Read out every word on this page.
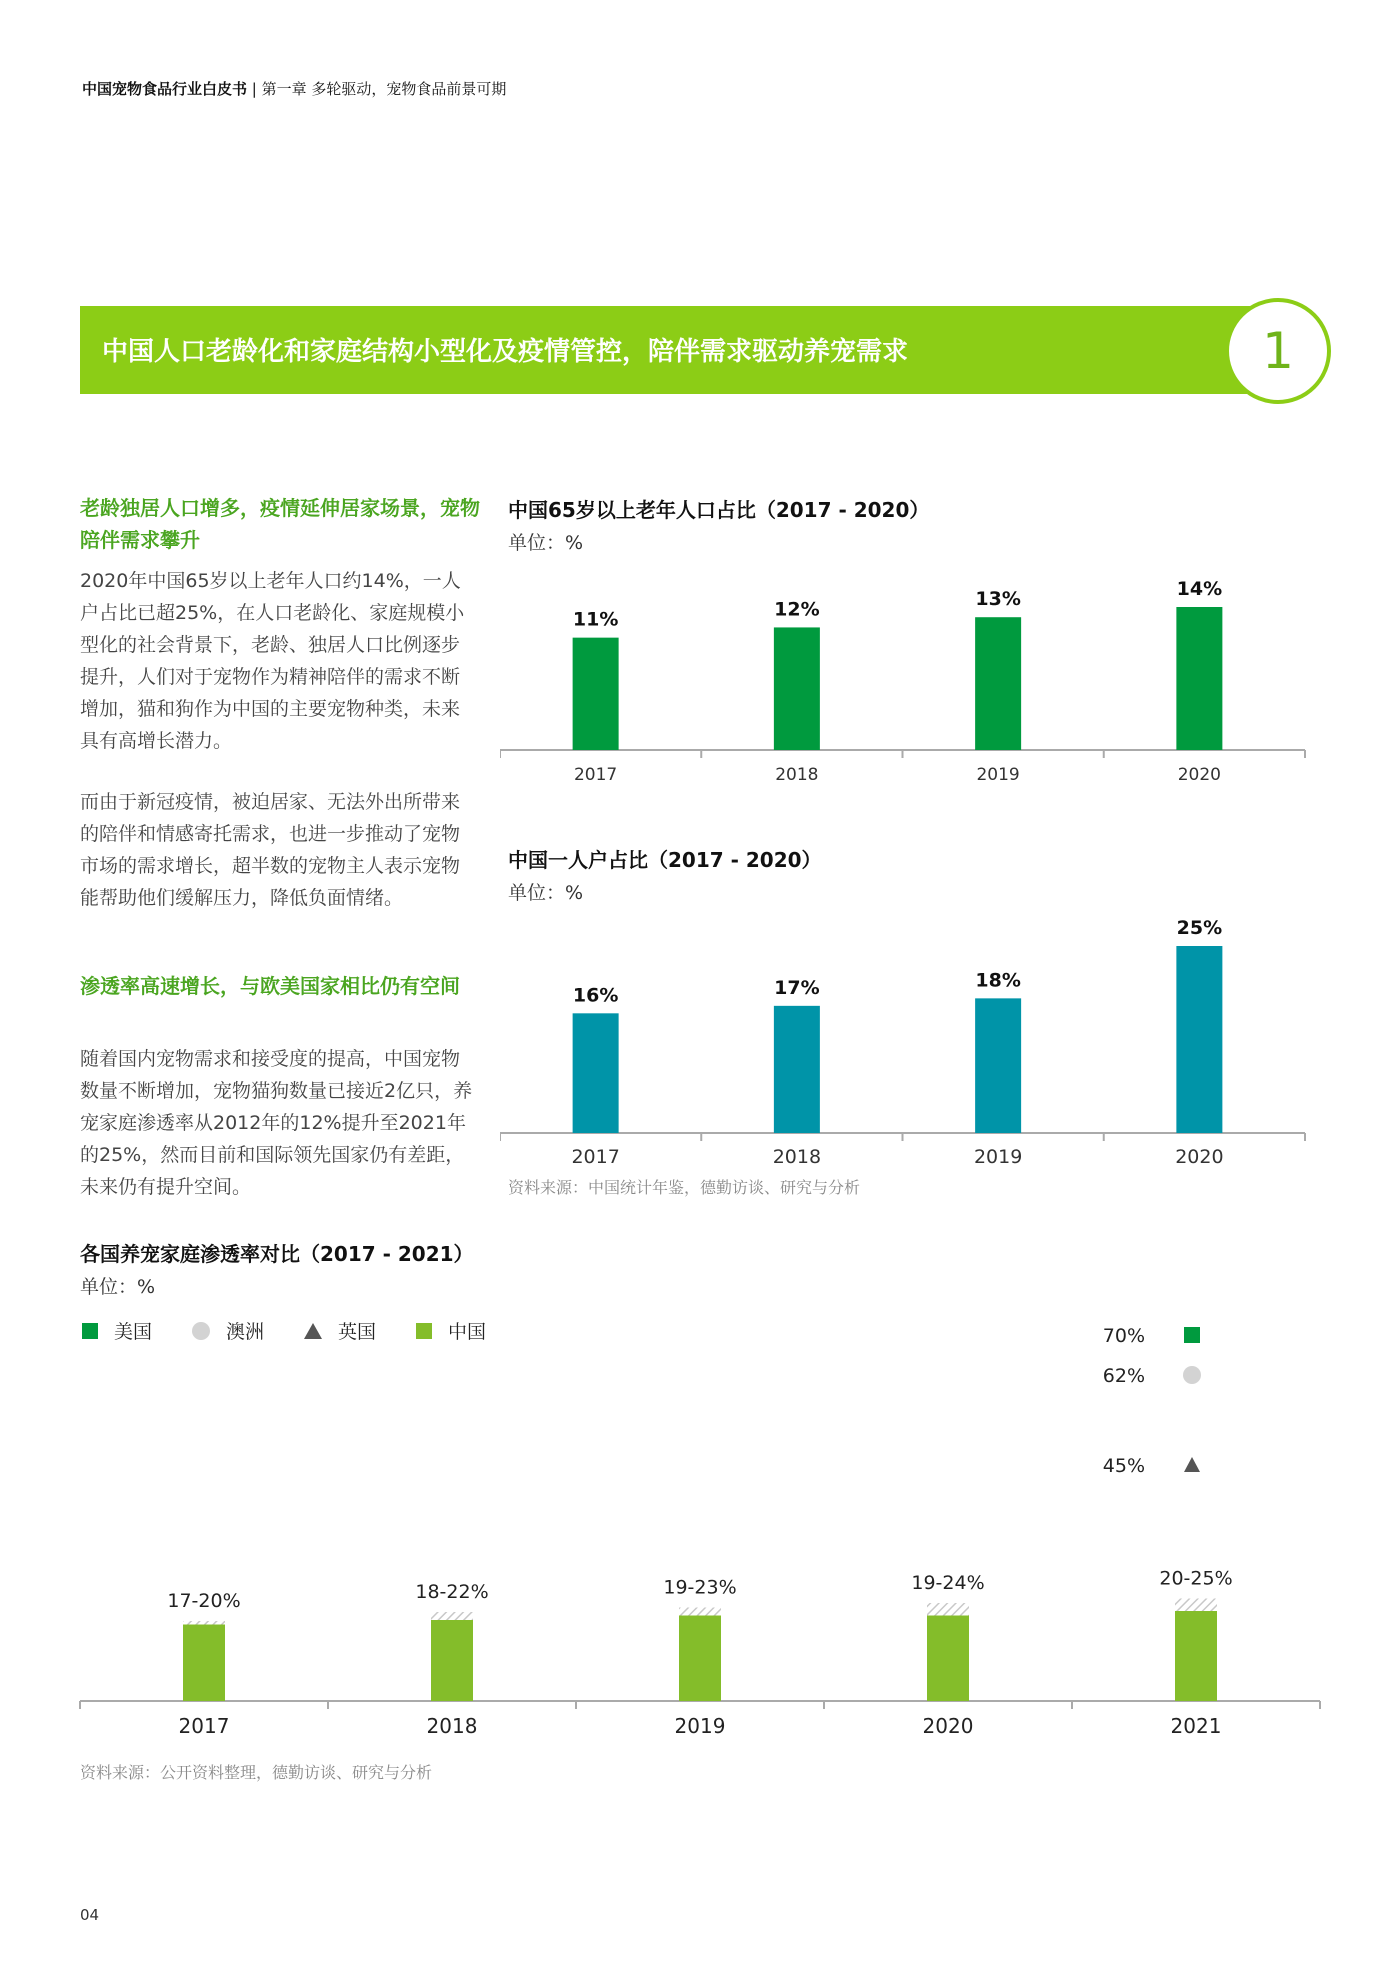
中国宠物食品行业白皮书 | 第一章 多轮驱动，宠物食品前景可期
中国人口老龄化和家庭结构小型化及疫情管控，陪伴需求驱动养宠需求	1
老龄独居人口增多，疫情延伸居家场景，宠物陪伴需求攀升
2020年中国65岁以上老年人口约14%，一人户占比已超25%，在人口老龄化、家庭规模小型化的社会背景下，老龄、独居人口比例逐步提升，人们对于宠物作为精神陪伴的需求不断增加，猫和狗作为中国的主要宠物种类，未来具有高增长潜力。
而由于新冠疫情，被迫居家、无法外出所带来的陪伴和情感寄托需求，也进一步推动了宠物市场的需求增长，超半数的宠物主人表示宠物能帮助他们缓解压力，降低负面情绪。
渗透率高速增长，与欧美国家相比仍有空间
随着国内宠物需求和接受度的提高，中国宠物数量不断增加，宠物猫狗数量已接近2亿只，养宠家庭渗透率从2012年的12%提升至2021年的25%，然而目前和国际领先国家仍有差距，未来仍有提升空间。
中国65岁以上老年人口占比（2017 - 2020）
单位：%
11%
2017
12%
2018
13%
2019
14%
2020
中国一人户占比（2017 - 2020）
单位：%
16%
2017
17%
2018
18%
2019
25%
2020
资料来源：中国统计年鉴，德勤访谈、研究与分析
各国养宠家庭渗透率对比（2017 - 2021）
单位：%
美国	澳洲	英国	中国
17-20%
2017
18-22%
2018
19-23%
2019
19-24%
2020
20-25%
2021
70%
62%
45%
资料来源：公开资料整理，德勤访谈、研究与分析
04
